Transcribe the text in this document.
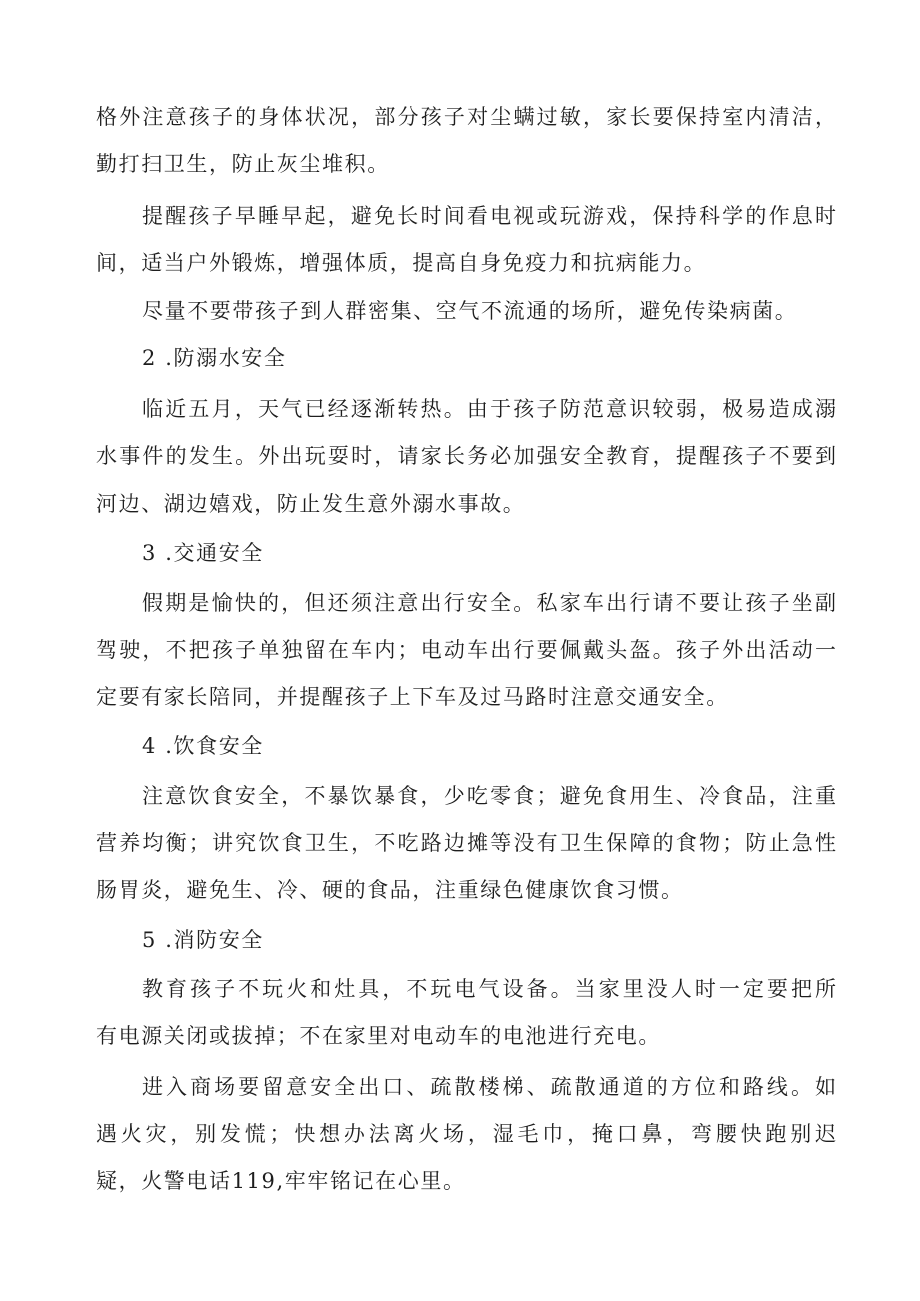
格外注意孩子的身体状况，部分孩子对尘螨过敏，家长要保持室内清洁，
勤打扫卫生，防止灰尘堆积。
提醒孩子早睡早起，避免长时间看电视或玩游戏，保持科学的作息时
间，适当户外锻炼，增强体质，提高自身免疫力和抗病能力。
尽量不要带孩子到人群密集、空气不流通的场所，避免传染病菌。
2 .防溺水安全
临近五月，天气已经逐渐转热。由于孩子防范意识较弱，极易造成溺
水事件的发生。外出玩耍时，请家长务必加强安全教育，提醒孩子不要到
河边、湖边嬉戏，防止发生意外溺水事故。
3 .交通安全
假期是愉快的，但还须注意出行安全。私家车出行请不要让孩子坐副
驾驶，不把孩子单独留在车内；电动车出行要佩戴头盔。孩子外出活动一
定要有家长陪同，并提醒孩子上下车及过马路时注意交通安全。
4 .饮食安全
注意饮食安全，不暴饮暴食，少吃零食；避免食用生、冷食品，注重
营养均衡；讲究饮食卫生，不吃路边摊等没有卫生保障的食物；防止急性
肠胃炎，避免生、冷、硬的食品，注重绿色健康饮食习惯。
5 .消防安全
教育孩子不玩火和灶具，不玩电气设备。当家里没人时一定要把所
有电源关闭或拔掉；不在家里对电动车的电池进行充电。
进入商场要留意安全出口、疏散楼梯、疏散通道的方位和路线。如
遇火灾，别发慌；快想办法离火场，湿毛巾，掩口鼻，弯腰快跑别迟
疑，火警电话119,牢牢铭记在心里。
